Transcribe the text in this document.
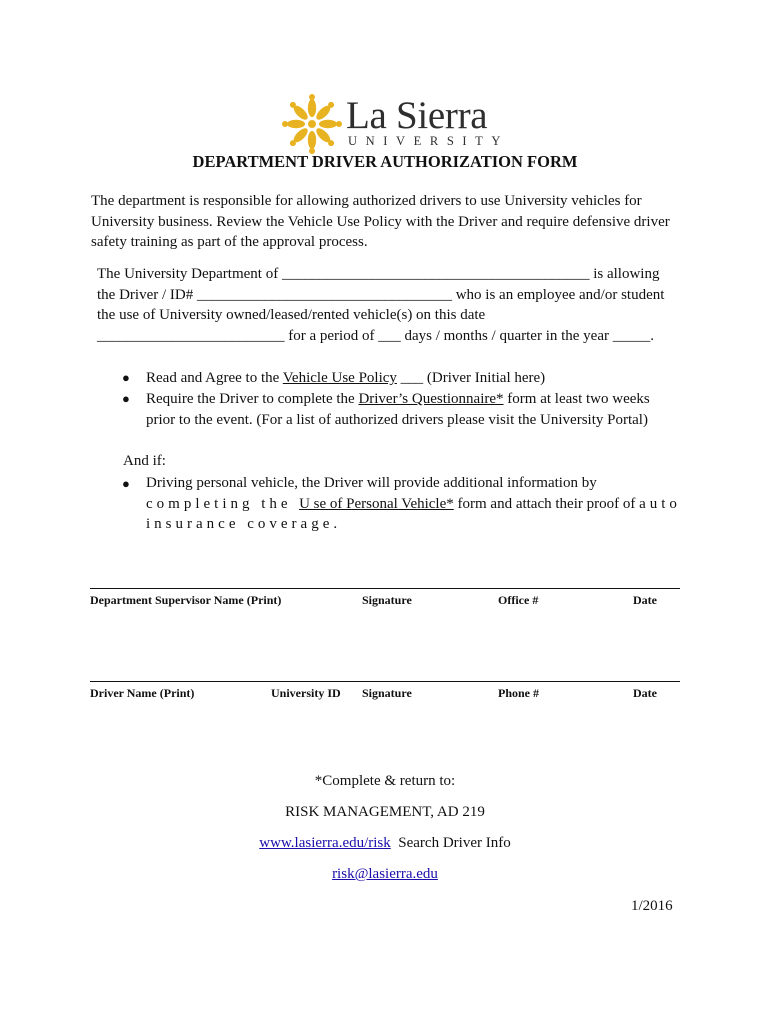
La Sierra
UNIVERSITY
DEPARTMENT DRIVER AUTHORIZATION FORM
The department is responsible for allowing authorized drivers to use University vehicles for
University business. Review the Vehicle Use Policy with the Driver and require defensive driver
safety training as part of the approval process.
The University Department of _________________________________________ is allowing
the Driver / ID# __________________________________ who is an employee and/or student
the use of University owned/leased/rented vehicle(s) on this date
_________________________ for a period of ___ days / months / quarter in the year _____.
● Read and Agree to the Vehicle Use Policy ___ (Driver Initial here)
● Require the Driver to complete the Driver’s Questionnaire* form at least two weeks
prior to the event. (For a list of authorized drivers please visit the University Portal)
And if:
● Driving personal vehicle, the Driver will provide additional information by
completing the U se of Personal Vehicle* form and attach their proof of auto
insurance coverage.
Department Supervisor Name (Print)	Signature	Office #	Date
Driver Name (Print)	University ID Signature	Phone #	Date
*Complete & return to:
RISK MANAGEMENT, AD 219
www.lasierra.edu/risk  Search Driver Info
risk@lasierra.edu
1/2016
